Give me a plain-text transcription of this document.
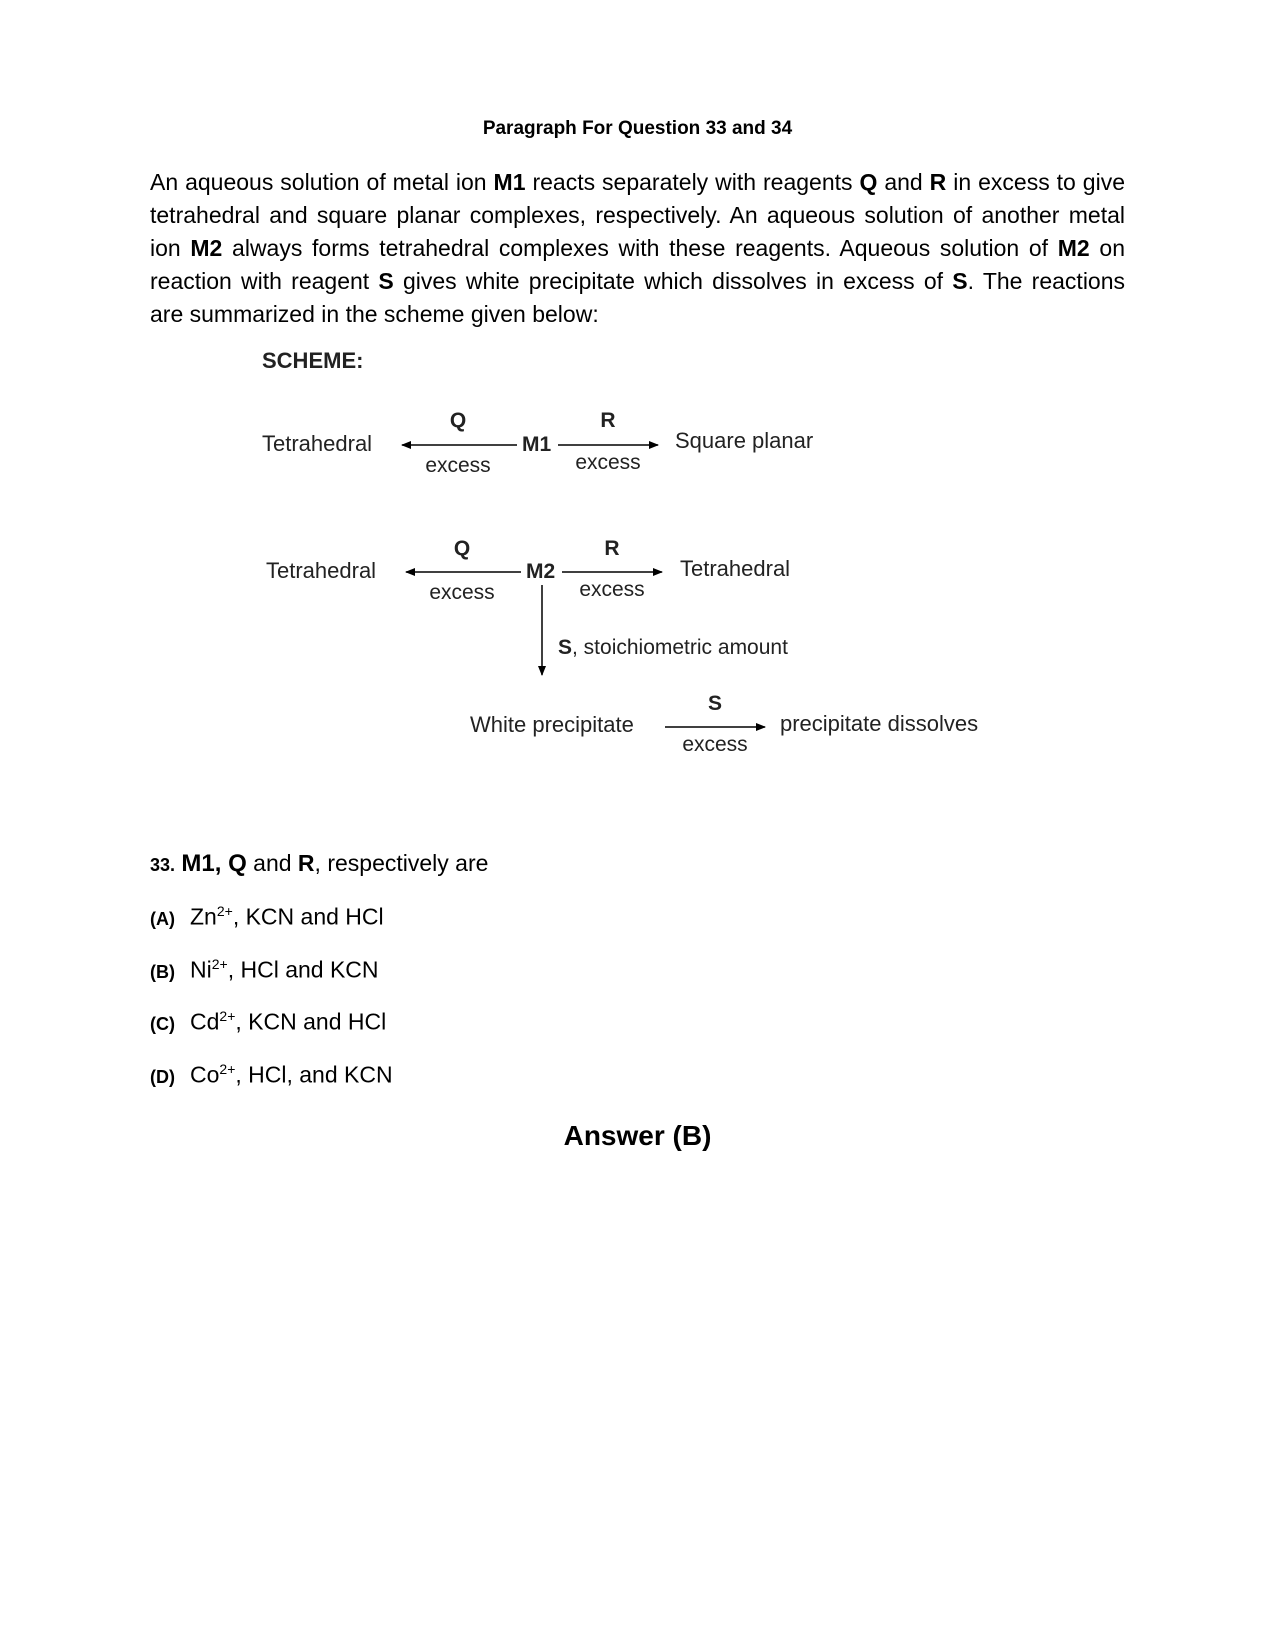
Paragraph For Question 33 and 34

An aqueous solution of metal ion M1 reacts separately with reagents Q and R in excess to give tetrahedral and square planar complexes, respectively. An aqueous solution of another metal ion M2 always forms tetrahedral complexes with these reagents. Aqueous solution of M2 on reaction with reagent S gives white precipitate which dissolves in excess of S. The reactions are summarized in the scheme given below:

SCHEME:
Tetrahedral
Q
excess
M1
R
excess
Square planar
Tetrahedral
Q
excess
M2
R
excess
Tetrahedral
S, stoichiometric amount
White precipitate
S
excess
precipitate dissolves

33. M1, Q and R, respectively are

(A) $Zn^{2+}$, KCN and HCl

(B) $Ni^{2+}$, HCl and KCN

(C) $Cd^{2+}$, KCN and HCl

(D) $Co^{2+}$, HCl, and KCN

Answer (B)
